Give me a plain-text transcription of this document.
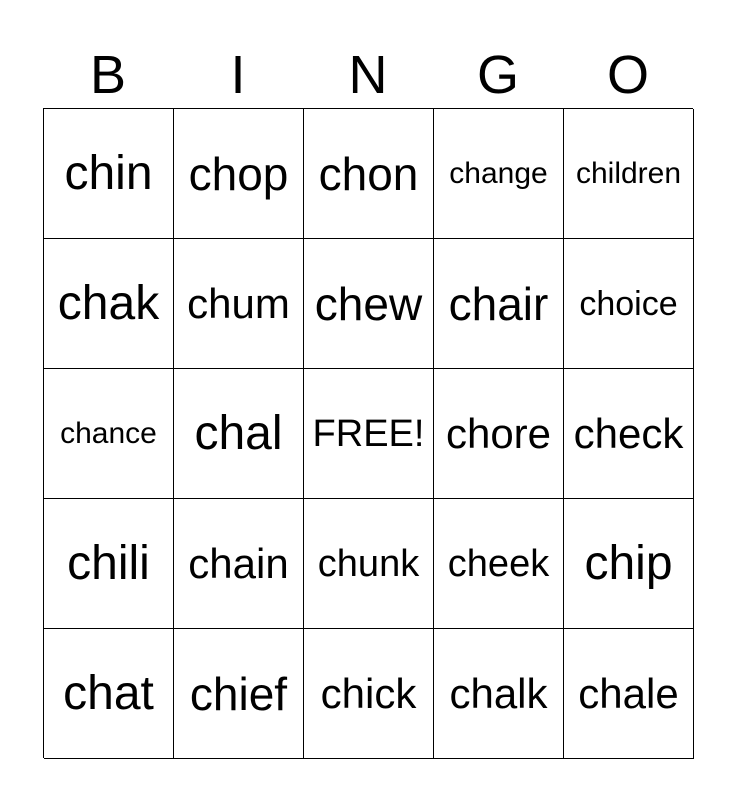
B	I	N	G	O
chin chop chon change children
chak chum chew chair choice
chance chal FREE! chore check
chili chain chunk cheek chip
chat chief chick chalk chale
